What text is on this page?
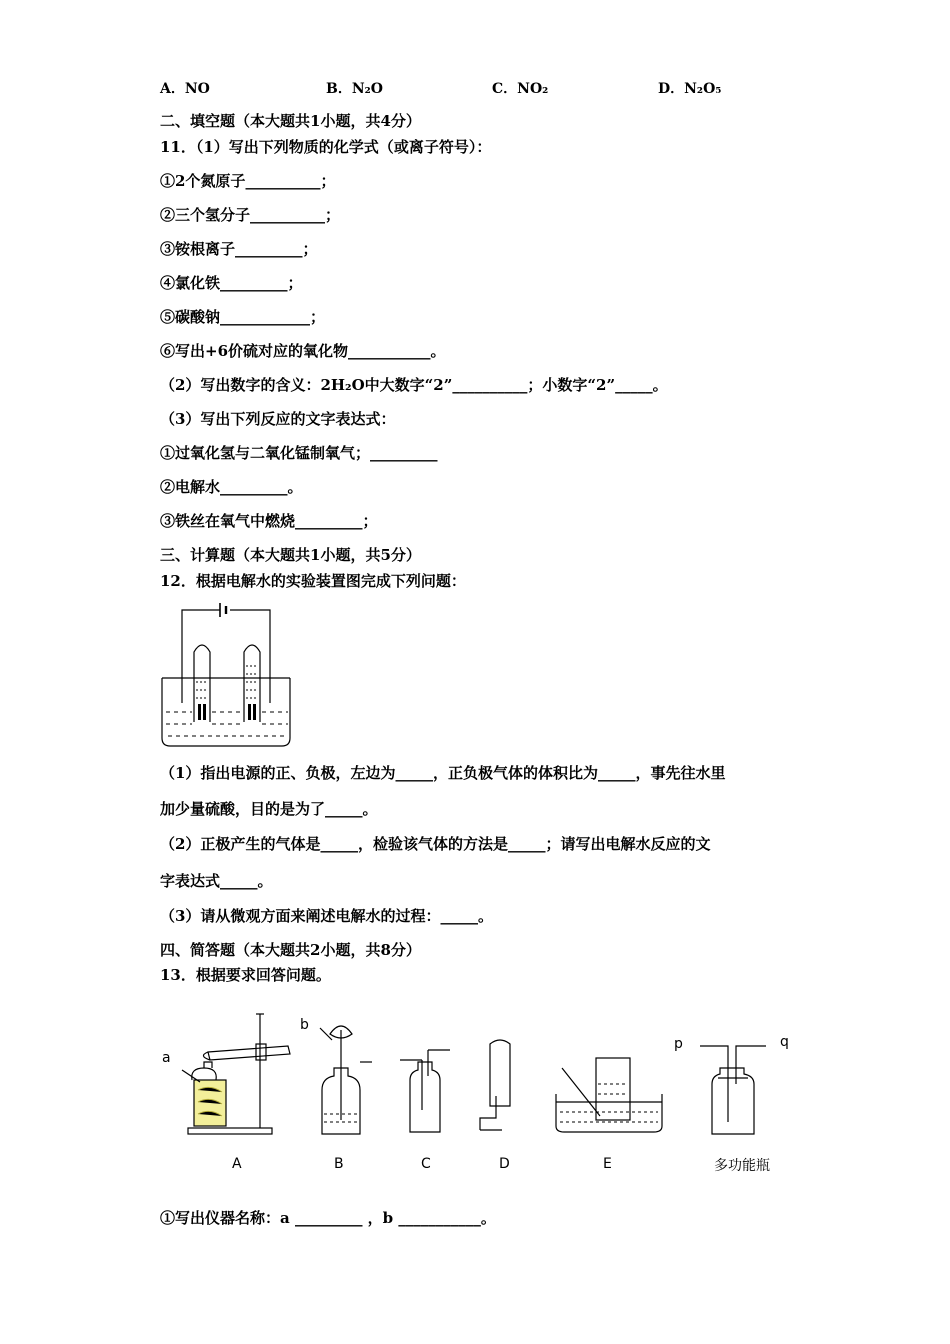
A．NO	B．N₂O	C．NO₂	D．N₂O₅
二、填空题（本大题共1小题，共4分）
11．（1）写出下列物质的化学式（或离子符号）：
①2个氮原子__________；
②三个氢分子__________；
③铵根离子_________；
④氯化铁_________；
⑤碳酸钠____________；
⑥写出+6价硫对应的氧化物___________。
（2）写出数字的含义：2H₂O中大数字“2”__________；小数字“2”_____。
（3）写出下列反应的文字表达式：
①过氧化氢与二氧化锰制氧气；_________
②电解水_________。
③铁丝在氧气中燃烧_________；
三、计算题（本大题共1小题，共5分）
12．根据电解水的实验装置图完成下列问题：
（1）指出电源的正、负极，左边为_____，正负极气体的体积比为_____，事先往水里
加少量硫酸，目的是为了_____。
（2）正极产生的气体是_____，检验该气体的方法是_____；请写出电解水反应的文
字表达式_____。
（3）请从微观方面来阐述电解水的过程：_____。
四、简答题（本大题共2小题，共8分）
13．根据要求回答问题。
a
b
p	q
A	B	C	D	E	多功能瓶
①写出仪器名称：a _________ ，b ___________。
